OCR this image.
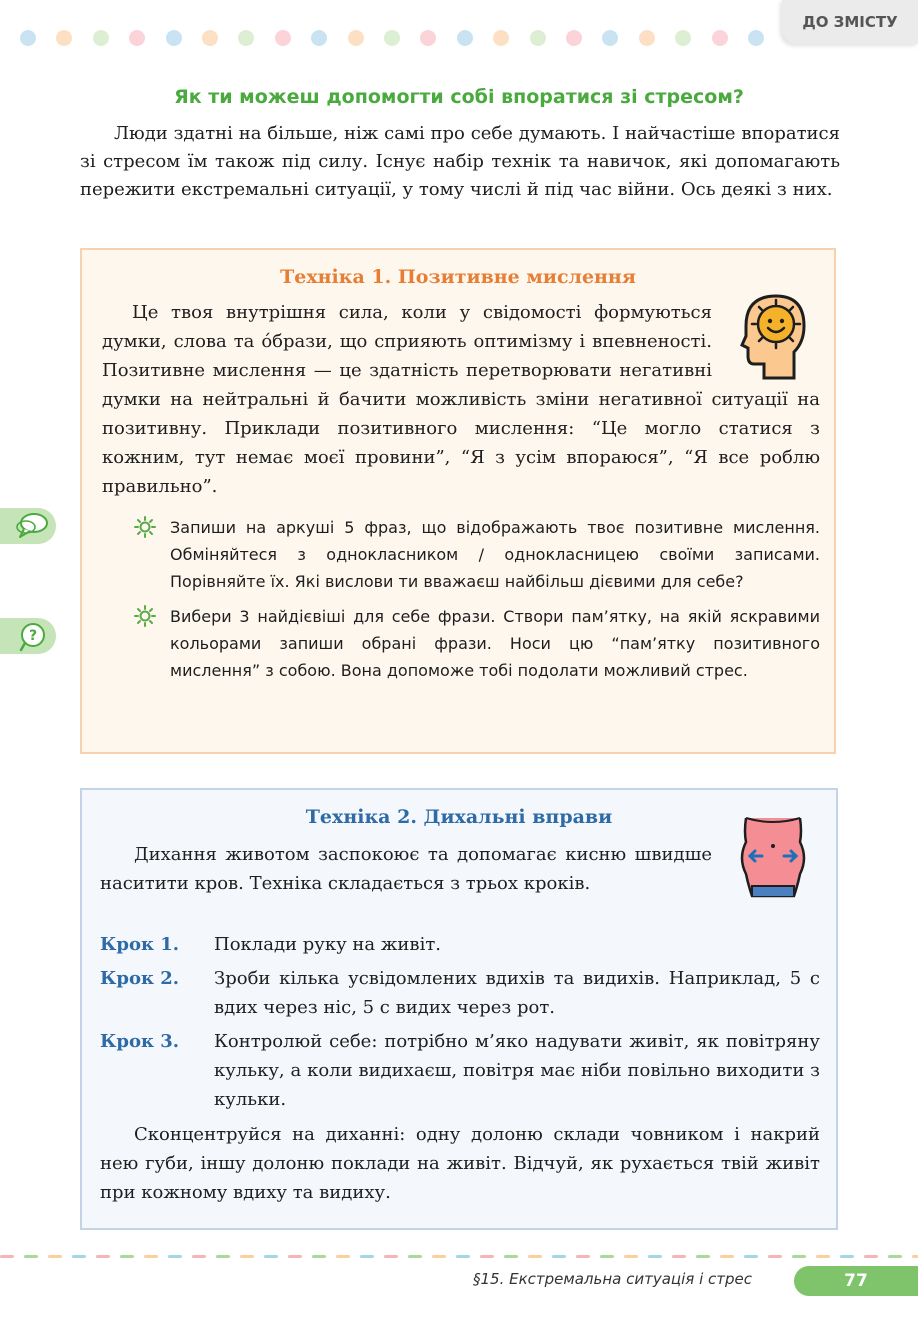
ДО ЗМІСТУ
Як ти можеш допомогти собі впоратися зі стресом?

Люди здатні на більше, ніж самі про себе думають. І найчастіше впоратися зі стресом їм також під силу. Існує набір технік та навичок, які допомагають пережити екстремальні ситуації, у тому числі й під час війни. Ось деякі з них.

Техніка 1. Позитивне мислення

Це твоя внутрішня сила, коли у свідомості формуються думки, слова та о́брази, що сприяють оптимізму і впевненості. Позитивне мислення — це здатність перетворювати негативні думки на нейтральні й бачити можливість зміни негативної ситуації на позитивну. Приклади позитивного мислення: “Це могло статися з кожним, тут немає моєї провини”, “Я з усім впораюся”, “Я все роблю правильно”.

Запиши на аркуші 5 фраз, що відображають твоє позитивне мислення. Обміняйтеся з однокласником / однокласницею своїми записами. Порівняйте їх. Які вислови ти вважаєш найбільш дієвими для себе?

Вибери 3 найдієвіші для себе фрази. Створи пам’ятку, на якій яскравими кольорами запиши обрані фрази. Носи цю “пам’ятку позитивного мислення” з собою. Вона допоможе тобі подолати можливий стрес.

?
Техніка 2. Дихальні вправи

Дихання животом заспокоює та допомагає кисню швидше наситити кров. Техніка складається з трьох кроків.

Крок 1.	Поклади руку на живіт.

Крок 2.	Зроби кілька усвідомлених вдихів та видихів. Наприклад, 5 с вдих через ніс, 5 с видих через рот.

Крок 3.	Контролюй себе: потрібно м’яко надувати живіт, як повітряну кульку, а коли видихаєш, повітря має ніби повільно виходити з кульки.

Сконцентруйся на диханні: одну долоню склади човником і накрий нею губи, іншу долоню поклади на живіт. Відчуй, як рухається твій живіт при кожному вдиху та видиху.

§15. Екстремальна ситуація і стрес	77
